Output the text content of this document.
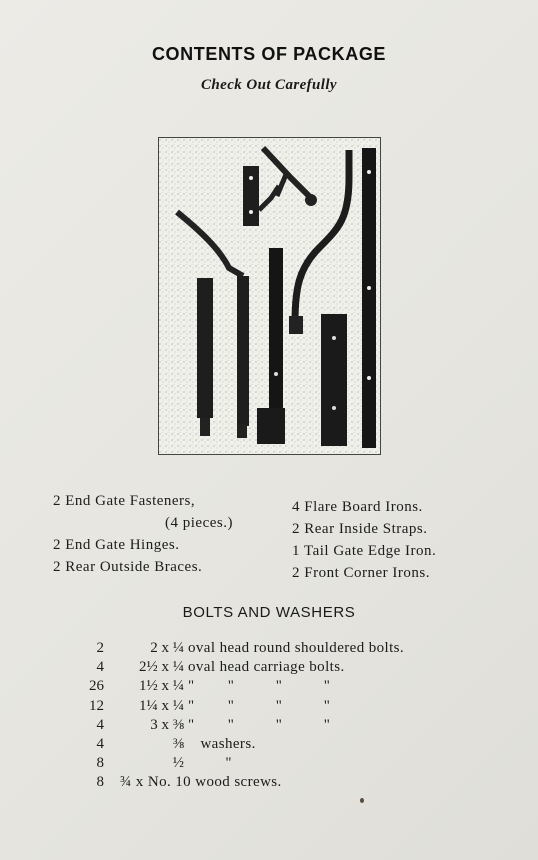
CONTENTS OF PACKAGE
Check Out Carefully
2 End Gate Fasteners,
(4 pieces.)
2 End Gate Hinges.
2 Rear Outside Braces.
4 Flare Board Irons.
2 Rear Inside Straps.
1 Tail Gate Edge Iron.
2 Front Corner Irons.
BOLTS AND WASHERS
2	2 x ¼ oval head round shouldered bolts.
4	2½ x ¼ oval head carriage bolts.
26	1½ x ¼ "        "          "          "
12	1¼ x ¼ "        "          "          "
4	3 x ⅜ "        "          "          "
4	⅜ washers.
8	½ "
8 ¾ x No. 10 wood screws.
